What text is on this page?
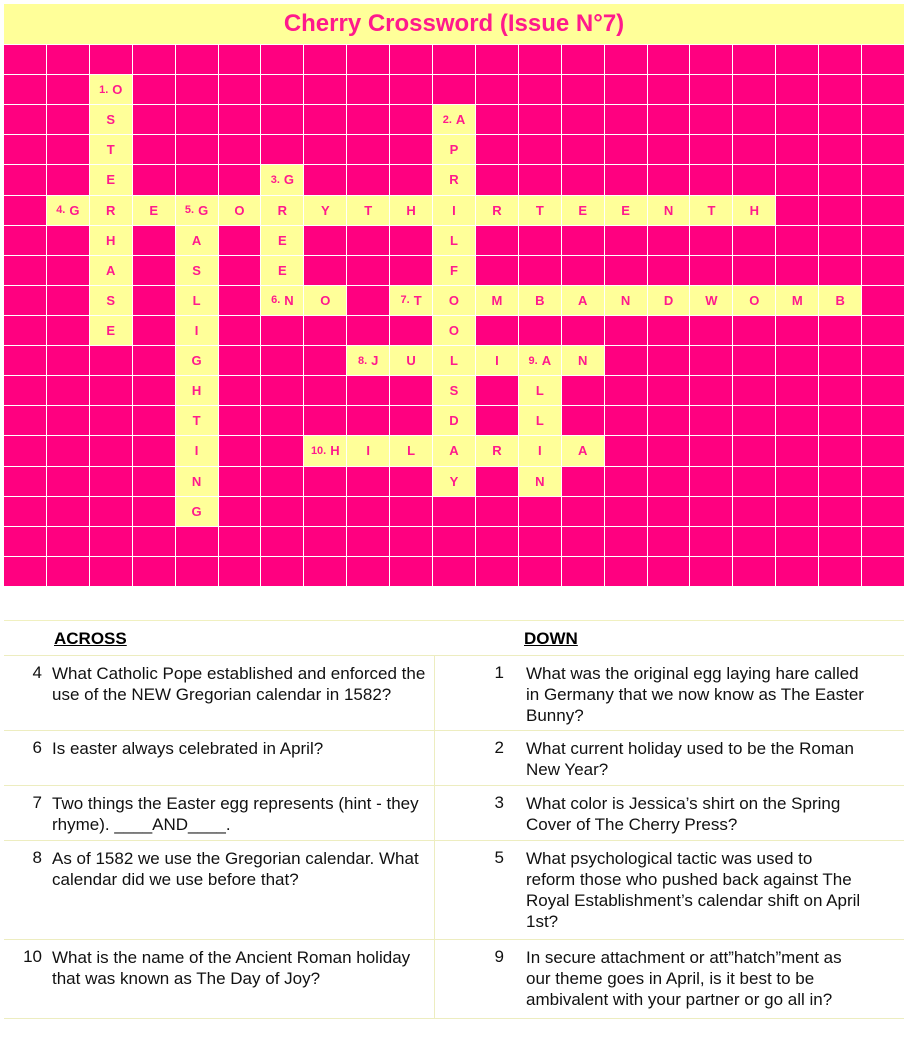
Cherry Crossword (Issue N°7)
1. O
S	2. A
T	P
E	3. G	R
4. G R	E 5. G O	R	Y	T	H	I	R	T	E	E	N	T	H
H	A	E	L
A	S	E	F
S	L	6. N O	7. T O M	B	A	N	D W O M	B
E	I	O
G	8. J U	L	I	9. A N
H	S	L
T	D	L
I	10. H I	L	A	R	I	A
N	Y	N
G
ACROSS	DOWN
4 What Catholic Pope established and enforced the use of the NEW Gregorian calendar in 1582?
1 What was the original egg laying hare called in Germany that we now know as The Easter Bunny?
6 Is easter always celebrated in April?	2 What current holiday used to be the Roman New Year?
7 Two things the Easter egg represents (hint - they rhyme). ____AND____.
3 What color is Jessica’s shirt on the Spring Cover of The Cherry Press?
8 As of 1582 we use the Gregorian calendar. What calendar did we use before that?
5 What psychological tactic was used to reform those who pushed back against The Royal Establishment’s calendar shift on April 1st?
10 What is the name of the Ancient Roman holiday that was known as The Day of Joy?
9 In secure attachment or att”hatch”ment as our theme goes in April, is it best to be ambivalent with your partner or go all in?
